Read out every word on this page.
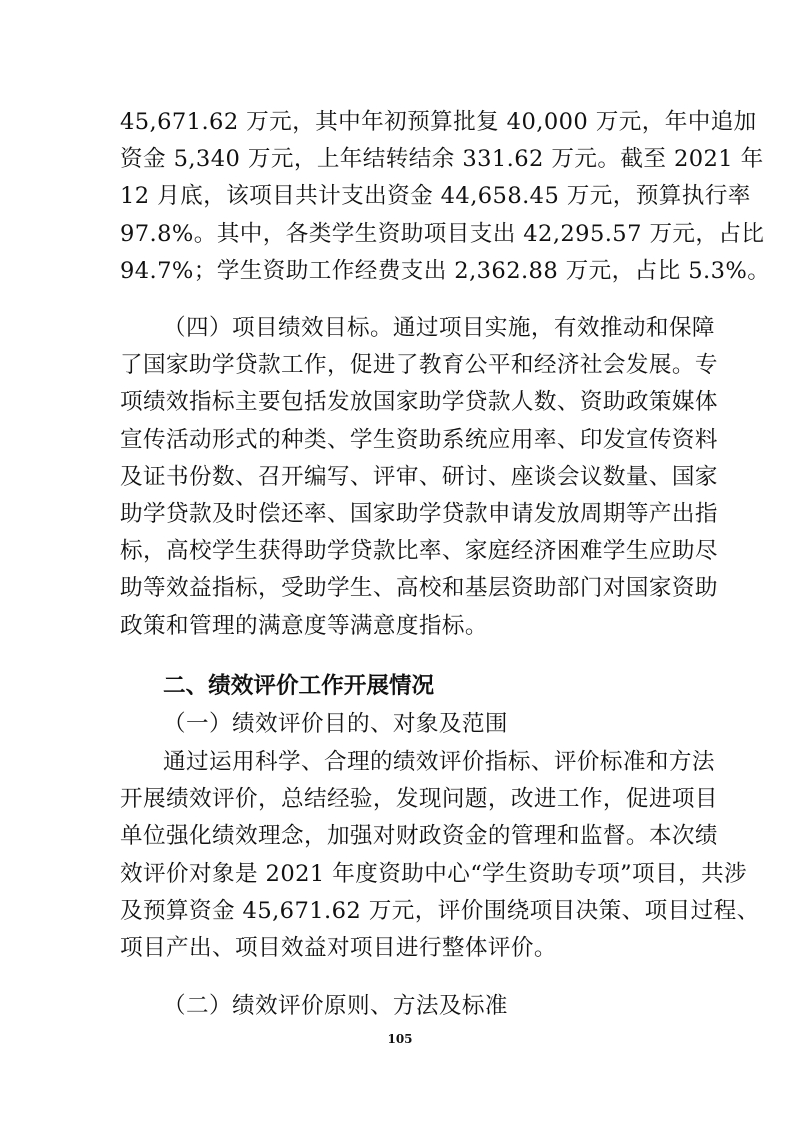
45,671.62 万元，其中年初预算批复 40,000 万元，年中追加
资金 5,340 万元，上年结转结余 331.62 万元。截至 2021 年
12 月底，该项目共计支出资金 44,658.45 万元，预算执行率
97.8%。其中，各类学生资助项目支出 42,295.57 万元，占比
94.7%；学生资助工作经费支出 2,362.88 万元，占比 5.3%。
（四）项目绩效目标。通过项目实施，有效推动和保障
了国家助学贷款工作，促进了教育公平和经济社会发展。专
项绩效指标主要包括发放国家助学贷款人数、资助政策媒体
宣传活动形式的种类、学生资助系统应用率、印发宣传资料
及证书份数、召开编写、评审、研讨、座谈会议数量、国家
助学贷款及时偿还率、国家助学贷款申请发放周期等产出指
标，高校学生获得助学贷款比率、家庭经济困难学生应助尽
助等效益指标，受助学生、高校和基层资助部门对国家资助
政策和管理的满意度等满意度指标。
二、绩效评价工作开展情况
（一）绩效评价目的、对象及范围
通过运用科学、合理的绩效评价指标、评价标准和方法
开展绩效评价，总结经验，发现问题，改进工作，促进项目
单位强化绩效理念，加强对财政资金的管理和监督。本次绩
效评价对象是 2021 年度资助中心“学生资助专项”项目，共涉
及预算资金 45,671.62 万元，评价围绕项目决策、项目过程、
项目产出、项目效益对项目进行整体评价。
（二）绩效评价原则、方法及标准
105
